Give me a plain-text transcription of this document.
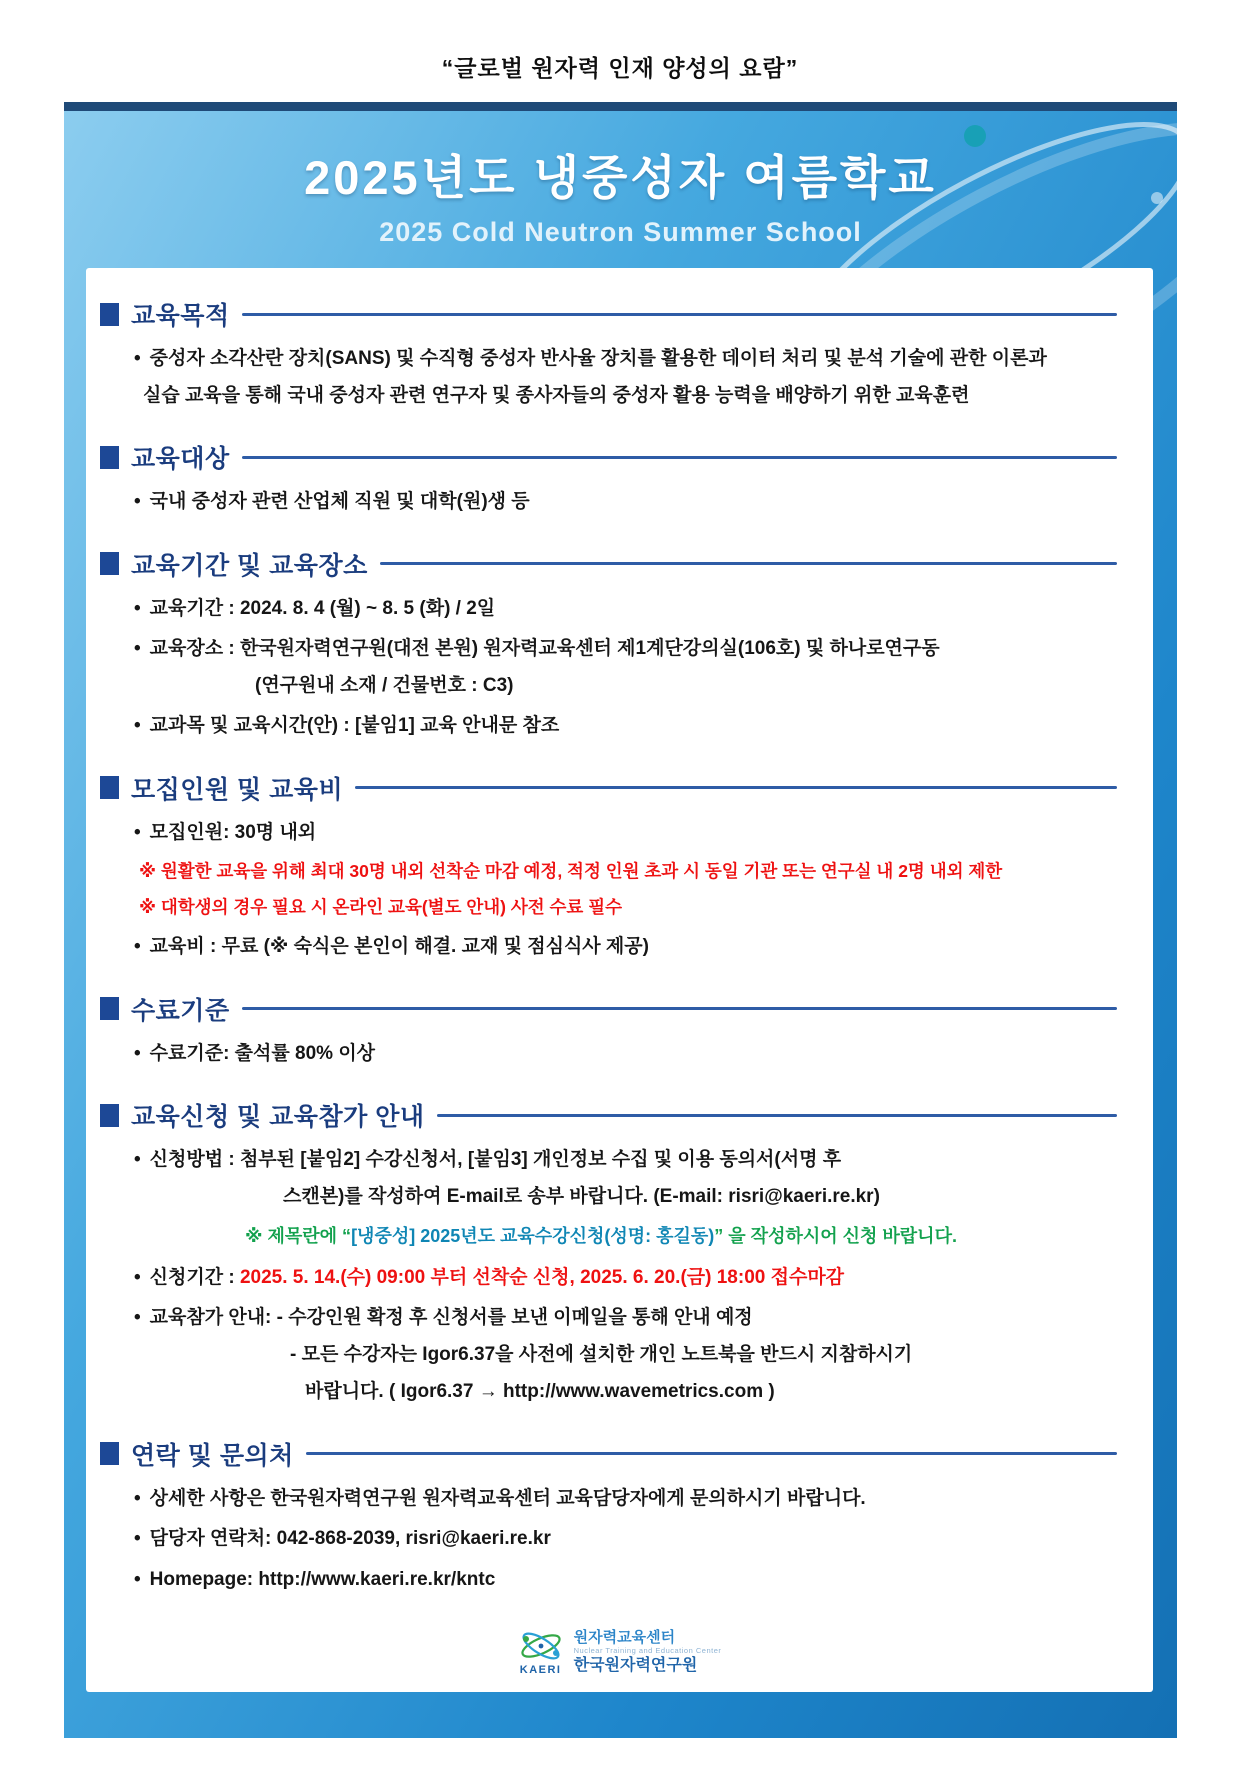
“글로벌 원자력 인재 양성의 요람”
2025년도 냉중성자 여름학교
2025 Cold Neutron Summer School
교육목적
•
중성자 소각산란 장치(SANS) 및 수직형 중성자 반사율 장치를 활용한 데이터 처리 및 분석 기술에 관한 이론과
실습 교육을 통해 국내 중성자 관련 연구자 및 종사자들의 중성자 활용 능력을 배양하기 위한 교육훈련
교육대상
•
국내 중성자 관련 산업체 직원 및 대학(원)생 등
교육기간 및 교육장소
•
교육기간 : 2024. 8. 4 (월) ~ 8. 5 (화) / 2일
•
교육장소 : 한국원자력연구원(대전 본원) 원자력교육센터 제1계단강의실(106호) 및 하나로연구동
(연구원내 소재 / 건물번호 : C3)
•
교과목 및 교육시간(안) : [붙임1] 교육 안내문 참조
모집인원 및 교육비
•
모집인원: 30명 내외
※ 원활한 교육을 위해 최대 30명 내외 선착순 마감 예정, 적정 인원 초과 시 동일 기관 또는 연구실 내 2명 내외 제한
※ 대학생의 경우 필요 시 온라인 교육(별도 안내) 사전 수료 필수
•
교육비 : 무료 (※ 숙식은 본인이 해결. 교재 및 점심식사 제공)
수료기준
•
수료기준: 출석률 80% 이상
교육신청 및 교육참가 안내
•
신청방법 : 첨부된 [붙임2] 수강신청서, [붙임3] 개인정보 수집 및 이용 동의서(서명 후
스캔본)를 작성하여 E-mail로 송부 바랍니다. (E-mail: risri@kaeri.re.kr)
※ 제목란에 “[냉중성] 2025년도 교육수강신청(성명: 홍길동)” 을 작성하시어 신청 바랍니다.
•
신청기간 : 2025. 5. 14.(수) 09:00 부터 선착순 신청, 2025. 6. 20.(금) 18:00 접수마감
•
교육참가 안내: - 수강인원 확정 후 신청서를 보낸 이메일을 통해 안내 예정
- 모든 수강자는 Igor6.37을 사전에 설치한 개인 노트북을 반드시 지참하시기
바랍니다. ( Igor6.37 → http://www.wavemetrics.com )
연락 및 문의처
•
상세한 사항은 한국원자력연구원 원자력교육센터 교육담당자에게 문의하시기 바랍니다.
•
담당자 연락처: 042-868-2039, risri@kaeri.re.kr
•
Homepage: http://www.kaeri.re.kr/kntc
KAERI
원자력교육센터
Nuclear Training and Education Center
한국원자력연구원
